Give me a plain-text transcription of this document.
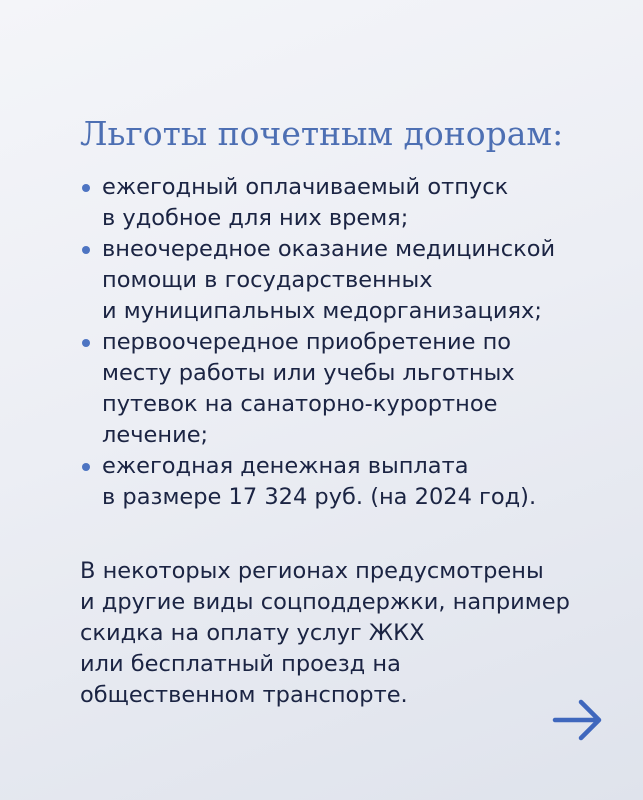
Льготы почетным донорам:
ежегодный оплачиваемый отпуск
в удобное для них время;
внеочередное оказание медицинской
помощи в государственных
и муниципальных медорганизациях;
первоочередное приобретение по
месту работы или учебы льготных
путевок на санаторно-курортное
лечение;
ежегодная денежная выплата
в размере 17 324 руб. (на 2024 год).
В некоторых регионах предусмотрены
и другие виды соцподдержки, например
скидка на оплату услуг ЖКХ
или бесплатный проезд на
общественном транспорте.
